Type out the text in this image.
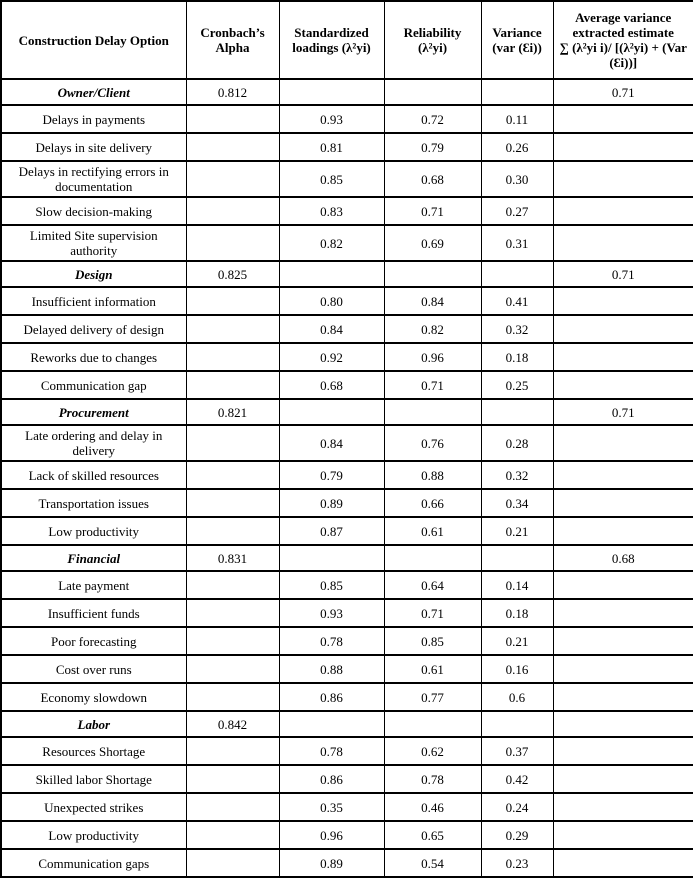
Construction Delay Option	Cronbach’s Alpha	Standardized loadings (λ²yi)	Reliability (λ²yi)	Variance (var (Ɛi))	Average variance extracted estimate
∑ (λ²yi i)/ [(λ²yi) + (Var (Ɛi))]

Owner/Client	0.812				0.71
Delays in payments		0.93	0.72	0.11	
Delays in site delivery		0.81	0.79	0.26	
Delays in rectifying errors in documentation		0.85	0.68	0.30	
Slow decision-making		0.83	0.71	0.27	
Limited Site supervision authority		0.82	0.69	0.31	
Design	0.825				0.71
Insufficient information		0.80	0.84	0.41	
Delayed delivery of design		0.84	0.82	0.32	
Reworks due to changes		0.92	0.96	0.18	
Communication gap		0.68	0.71	0.25	
Procurement	0.821				0.71
Late ordering and delay in delivery		0.84	0.76	0.28	
Lack of skilled resources		0.79	0.88	0.32	
Transportation issues		0.89	0.66	0.34	
Low productivity		0.87	0.61	0.21	
Financial	0.831				0.68
Late payment		0.85	0.64	0.14	
Insufficient funds		0.93	0.71	0.18	
Poor forecasting		0.78	0.85	0.21	
Cost over runs		0.88	0.61	0.16	
Economy slowdown		0.86	0.77	0.6	
Labor	0.842				
Resources Shortage		0.78	0.62	0.37	
Skilled labor Shortage		0.86	0.78	0.42	
Unexpected strikes		0.35	0.46	0.24	
Low productivity		0.96	0.65	0.29	
Communication gaps		0.89	0.54	0.23	
